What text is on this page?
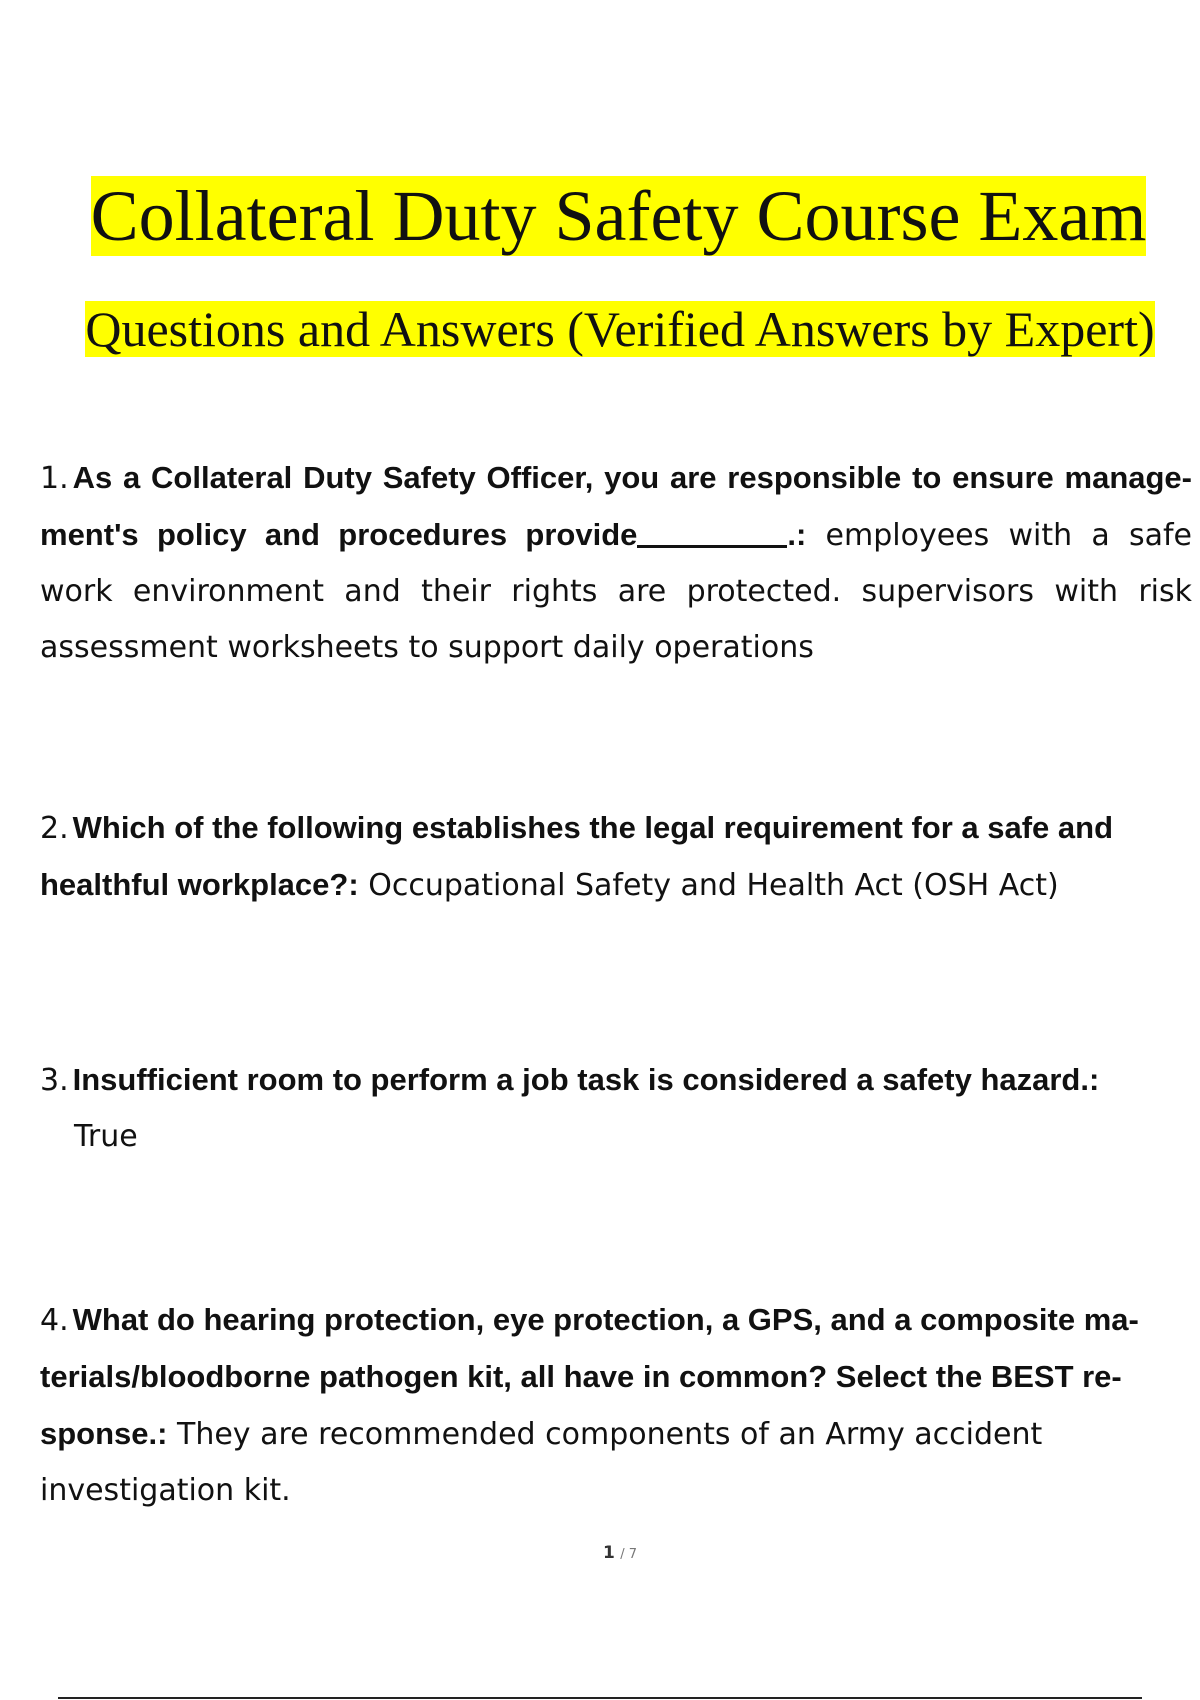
Collateral Duty Safety Course Exam
Questions and Answers (Verified Answers by Expert)
1. As a Collateral Duty Safety Officer, you are responsible to ensure manage- ment's policy and procedures provide	.: employees with a safe work environment and their rights are protected. supervisors with risk assessment worksheets to support daily operations
2. Which of the following establishes the legal requirement for a safe and healthful workplace?: Occupational Safety and Health Act (OSH Act)
3. Insufficient room to perform a job task is considered a safety hazard.:
True
4. What do hearing protection, eye protection, a GPS, and a composite ma- terials/bloodborne pathogen kit, all have in common? Select the BEST re- sponse.: They are recommended components of an Army accident investigation kit.
1 / 7
